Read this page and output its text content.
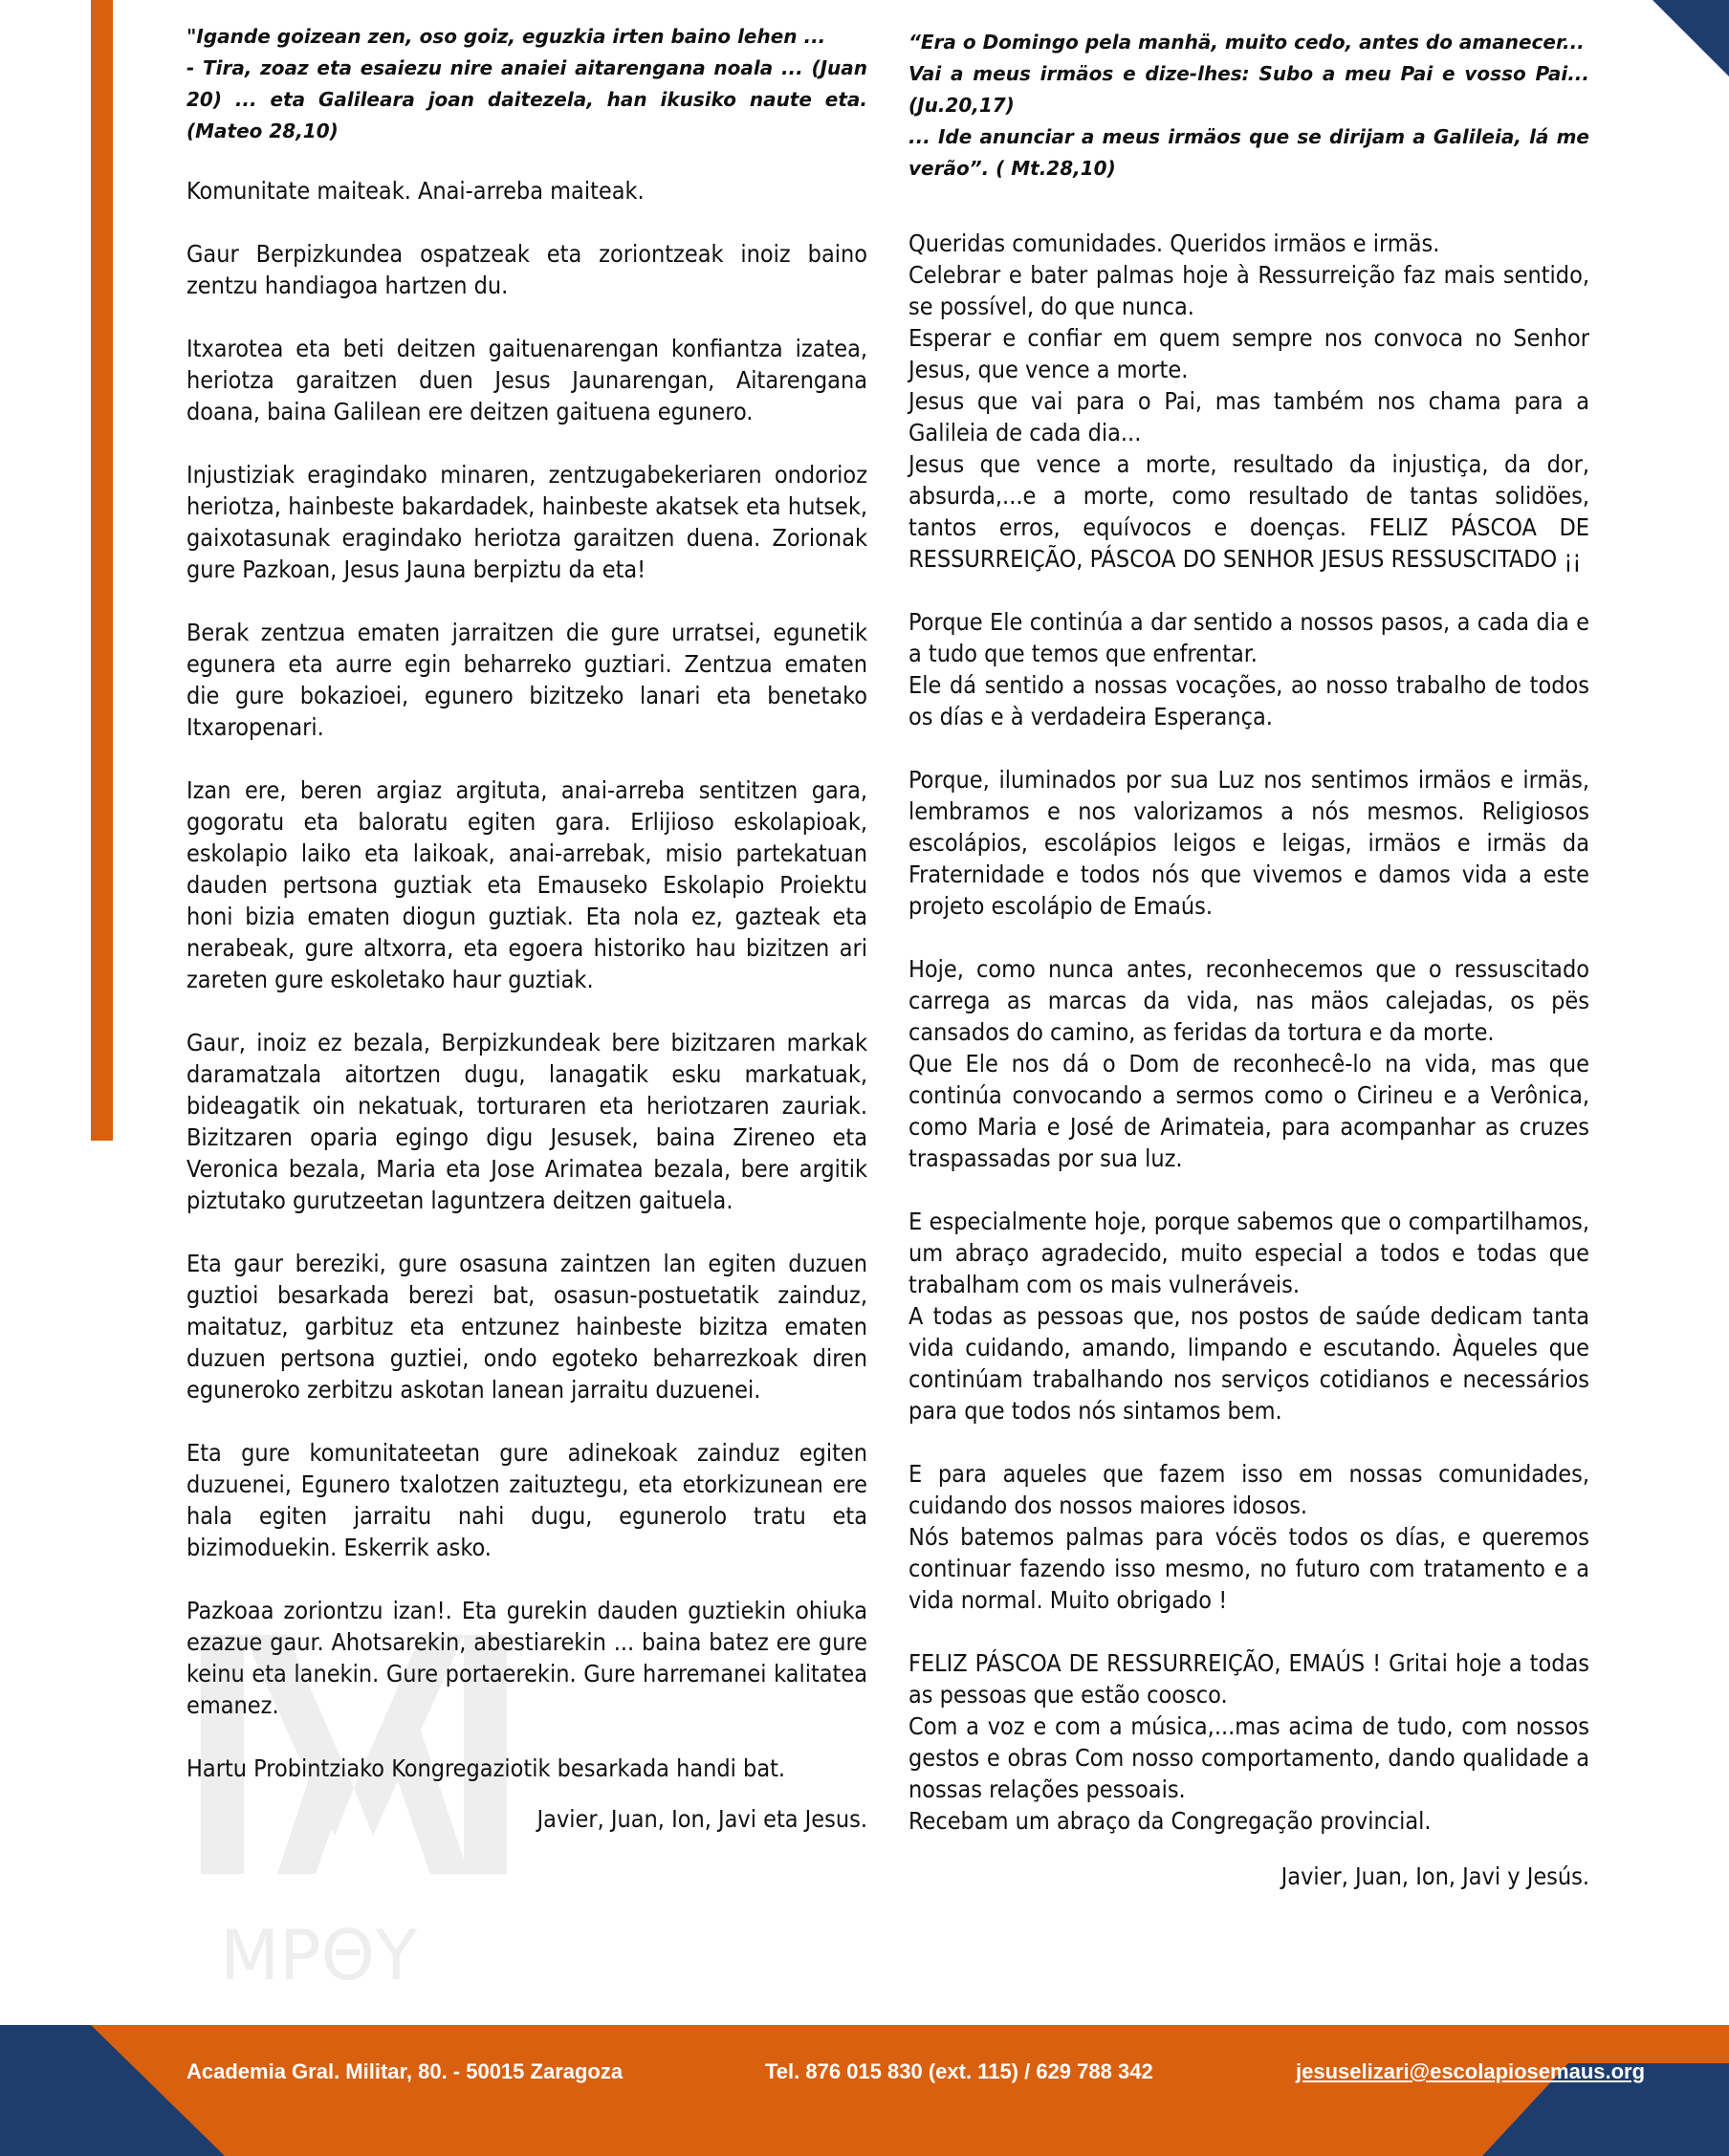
MPΘY

"Igande goizean zen, oso goiz, eguzkia irten baino lehen ...

- Tira, zoaz eta esaiezu nire anaiei aitarengana noala ... (Juan 20) ... eta Galileara joan daitezela, han ikusiko naute eta. (Mateo 28,10)

Komunitate maiteak. Anai-arreba maiteak.

Gaur Berpizkundea ospatzeak eta zoriontzeak inoiz baino zentzu handiagoa hartzen du.

Itxarotea eta beti deitzen gaituenarengan konfiantza izatea, heriotza garaitzen duen Jesus Jaunarengan, Aitarengana doana, baina Galilean ere deitzen gaituena egunero.

Injustiziak eragindako minaren, zentzugabekeriaren ondorioz heriotza, hainbeste bakardadek, hainbeste akatsek eta hutsek, gaixotasunak eragindako heriotza garaitzen duena. Zorionak gure Pazkoan, Jesus Jauna berpiztu da eta!

Berak zentzua ematen jarraitzen die gure urratsei, egunetik egunera eta aurre egin beharreko guztiari. Zentzua ematen die gure bokazioei, egunero bizitzeko lanari eta benetako Itxaropenari.

Izan ere, beren argiaz argituta, anai-arreba sentitzen gara, gogoratu eta baloratu egiten gara. Erlijioso eskolapioak, eskolapio laiko eta laikoak, anai-arrebak, misio partekatuan dauden pertsona guztiak eta Emauseko Eskolapio Proiektu honi bizia ematen diogun guztiak. Eta nola ez, gazteak eta nerabeak, gure altxorra, eta egoera historiko hau bizitzen ari zareten gure eskoletako haur guztiak.

Gaur, inoiz ez bezala, Berpizkundeak bere bizitzaren markak daramatzala aitortzen dugu, lanagatik esku markatuak, bideagatik oin nekatuak, torturaren eta heriotzaren zauriak. Bizitzaren oparia egingo digu Jesusek, baina Zireneo eta Veronica bezala, Maria eta Jose Arimatea bezala, bere argitik piztutako gurutzeetan laguntzera deitzen gaituela.

Eta gaur bereziki, gure osasuna zaintzen lan egiten duzuen guztioi besarkada berezi bat, osasun-postuetatik zainduz, maitatuz, garbituz eta entzunez hainbeste bizitza ematen duzuen pertsona guztiei, ondo egoteko beharrezkoak diren eguneroko zerbitzu askotan lanean jarraitu duzuenei.

Eta gure komunitateetan gure adinekoak zainduz egiten duzuenei, Egunero txalotzen zaituztegu, eta etorkizunean ere hala egiten jarraitu nahi dugu, egunerolo tratu eta bizimoduekin. Eskerrik asko.

Pazkoaa zoriontzu izan!. Eta gurekin dauden guztiekin ohiuka ezazue gaur. Ahotsarekin, abestiarekin ... baina batez ere gure keinu eta lanekin. Gure portaerekin. Gure harremanei kalitatea emanez.

Hartu Probintziako Kongregaziotik besarkada handi bat.

Javier, Juan, Ion, Javi eta Jesus.

“Era o Domingo pela manhä, muito cedo, antes do amanecer...

Vai a meus irmäos e dize-lhes: Subo a meu Pai e vosso Pai...(Ju.20,17)

... Ide anunciar a meus irmäos que se dirijam a Galileia, lá me verão”. ( Mt.28,10)

Queridas comunidades. Queridos irmäos e irmäs.
Celebrar e bater palmas hoje à Ressurreição faz mais sentido, se possível, do que nunca.
Esperar e confiar em quem sempre nos convoca no Senhor Jesus, que vence a morte.
Jesus que vai para o Pai, mas também nos chama para a Galileia de cada dia...
Jesus que vence a morte, resultado da injustiça, da dor, absurda,...e a morte, como resultado de tantas solidöes, tantos erros, equívocos e doenças. FELIZ PÁSCOA DE RESSURREIÇÃO, PÁSCOA DO SENHOR JESUS RESSUSCITADO ¡¡

Porque Ele continúa a dar sentido a nossos pasos, a cada dia e a tudo que temos que enfrentar.
Ele dá sentido a nossas vocações, ao nosso trabalho de todos os días e à verdadeira Esperança.

Porque, iluminados por sua Luz nos sentimos irmäos e irmäs, lembramos e nos valorizamos a nós mesmos. Religiosos escolápios, escolápios leigos e leigas, irmäos e irmäs da Fraternidade e todos nós que vivemos e damos vida a este projeto escolápio de Emaús.

Hoje, como nunca antes, reconhecemos que o ressuscitado carrega as marcas da vida, nas mäos calejadas, os pës cansados do camino, as feridas da tortura e da morte.
Que Ele nos dá o Dom de reconhecê-lo na vida, mas que continúa convocando a sermos como o Cirineu e a Verônica, como Maria e José de Arimateia, para acompanhar as cruzes traspassadas por sua luz.

E especialmente hoje, porque sabemos que o compartilhamos, um abraço agradecido, muito especial a todos e todas que trabalham com os mais vulneráveis.
A todas as pessoas que, nos postos de saúde dedicam tanta vida cuidando, amando, limpando e escutando. Àqueles que continúam trabalhando nos serviços cotidianos e necessários para que todos nós sintamos bem.

E para aqueles que fazem isso em nossas comunidades, cuidando dos nossos maiores idosos.
Nós batemos palmas para vócës todos os días, e queremos continuar fazendo isso mesmo, no futuro com tratamento e a vida normal. Muito obrigado !

FELIZ PÁSCOA DE RESSURREIÇÃO, EMAÚS ! Gritai hoje a todas as pessoas que estão coosco.
Com a voz e com a música,...mas acima de tudo, com nossos gestos e obras Com nosso comportamento, dando qualidade a nossas relações pessoais.
Recebam um abraço da Congregação provincial.

Javier, Juan, Ion, Javi y Jesús.

Academia Gral. Militar, 80. - 50015 Zaragoza	Tel. 876 015 830 (ext. 115) / 629 788 342	jesuselizari@escolapiosemaus.org
